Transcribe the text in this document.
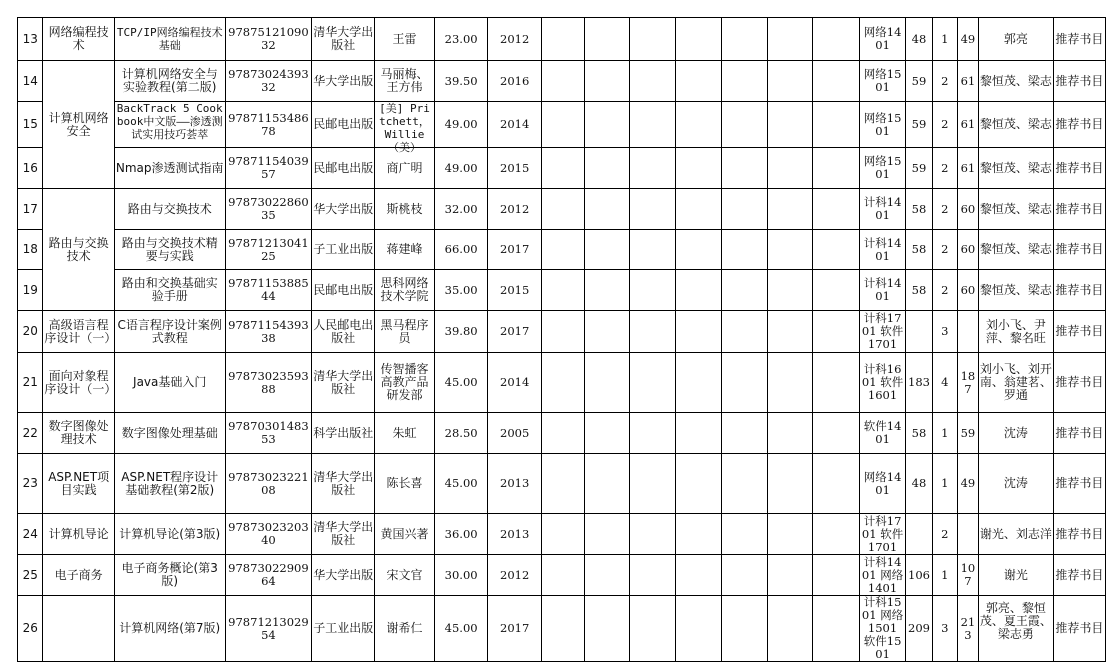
13	网络编程技术	TCP/IP网络编程技术基础	9787512109032	清华大学出版社	王雷	23.00	2012								网络1401	48	1	49	郭亮	推荐书目
14	计算机网络安全	计算机网络安全与实验教程(第二版)	9787302439332	华大学出版	马丽梅、王方伟	39.50	2016								网络1501	59	2	61	黎恒茂、梁志	推荐书目
15		BackTrack 5 Cookbook中文版——渗透测试实用技巧荟萃	9787115348678	民邮电出版	[美] Pritchett，Willie（美）	49.00	2014								网络1501	59	2	61	黎恒茂、梁志	推荐书目
16		Nmap渗透测试指南	9787115403957	民邮电出版	商广明	49.00	2015								网络1501	59	2	61	黎恒茂、梁志	推荐书目
17	路由与交换技术	路由与交换技术	9787302286035	华大学出版	斯桃枝	32.00	2012								计科1401	58	2	60	黎恒茂、梁志	推荐书目
18		路由与交换技术精要与实践	9787121304125	子工业出版	蒋建峰	66.00	2017								计科1401	58	2	60	黎恒茂、梁志	推荐书目
19		路由和交换基础实验手册	9787115388544	民邮电出版	思科网络技术学院	35.00	2015								计科1401	58	2	60	黎恒茂、梁志	推荐书目
20	高级语言程序设计（一）	C语言程序设计案例式教程	9787115439338	人民邮电出版社	黑马程序员	39.80	2017								计科1701 软件1701		3		刘小飞、尹萍、黎名旺	推荐书目
21	面向对象程序设计（一）	Java基础入门	9787302359388	清华大学出版社	传智播客高教产品研发部	45.00	2014								计科1601 软件1601	183	4	187	刘小飞、刘开南、翁建茗、罗通	推荐书目
22	数字图像处理技术	数字图像处理基础	9787030148353	科学出版社	朱虹	28.50	2005								软件1401	58	1	59	沈涛	推荐书目
23	ASP.NET项目实践	ASP.NET程序设计基础教程(第2版)	9787302322108	清华大学出版社	陈长喜	45.00	2013								网络1401	48	1	49	沈涛	推荐书目
24	计算机导论	计算机导论(第3版)	9787302320340	清华大学出版社	黄国兴著	36.00	2013								计科1701 软件1701		2		谢光、刘志洋	推荐书目
25	电子商务	电子商务概论(第3版)	9787302290964	华大学出版	宋文官	30.00	2012								计科1401 网络1401	106	1	107	谢光	推荐书目
26		计算机网络(第7版)	9787121302954	子工业出版	谢希仁	45.00	2017								计科1501 网络1501 软件1501	209	3	213	郭亮、黎恒茂、夏王霞、梁志勇	推荐书目
